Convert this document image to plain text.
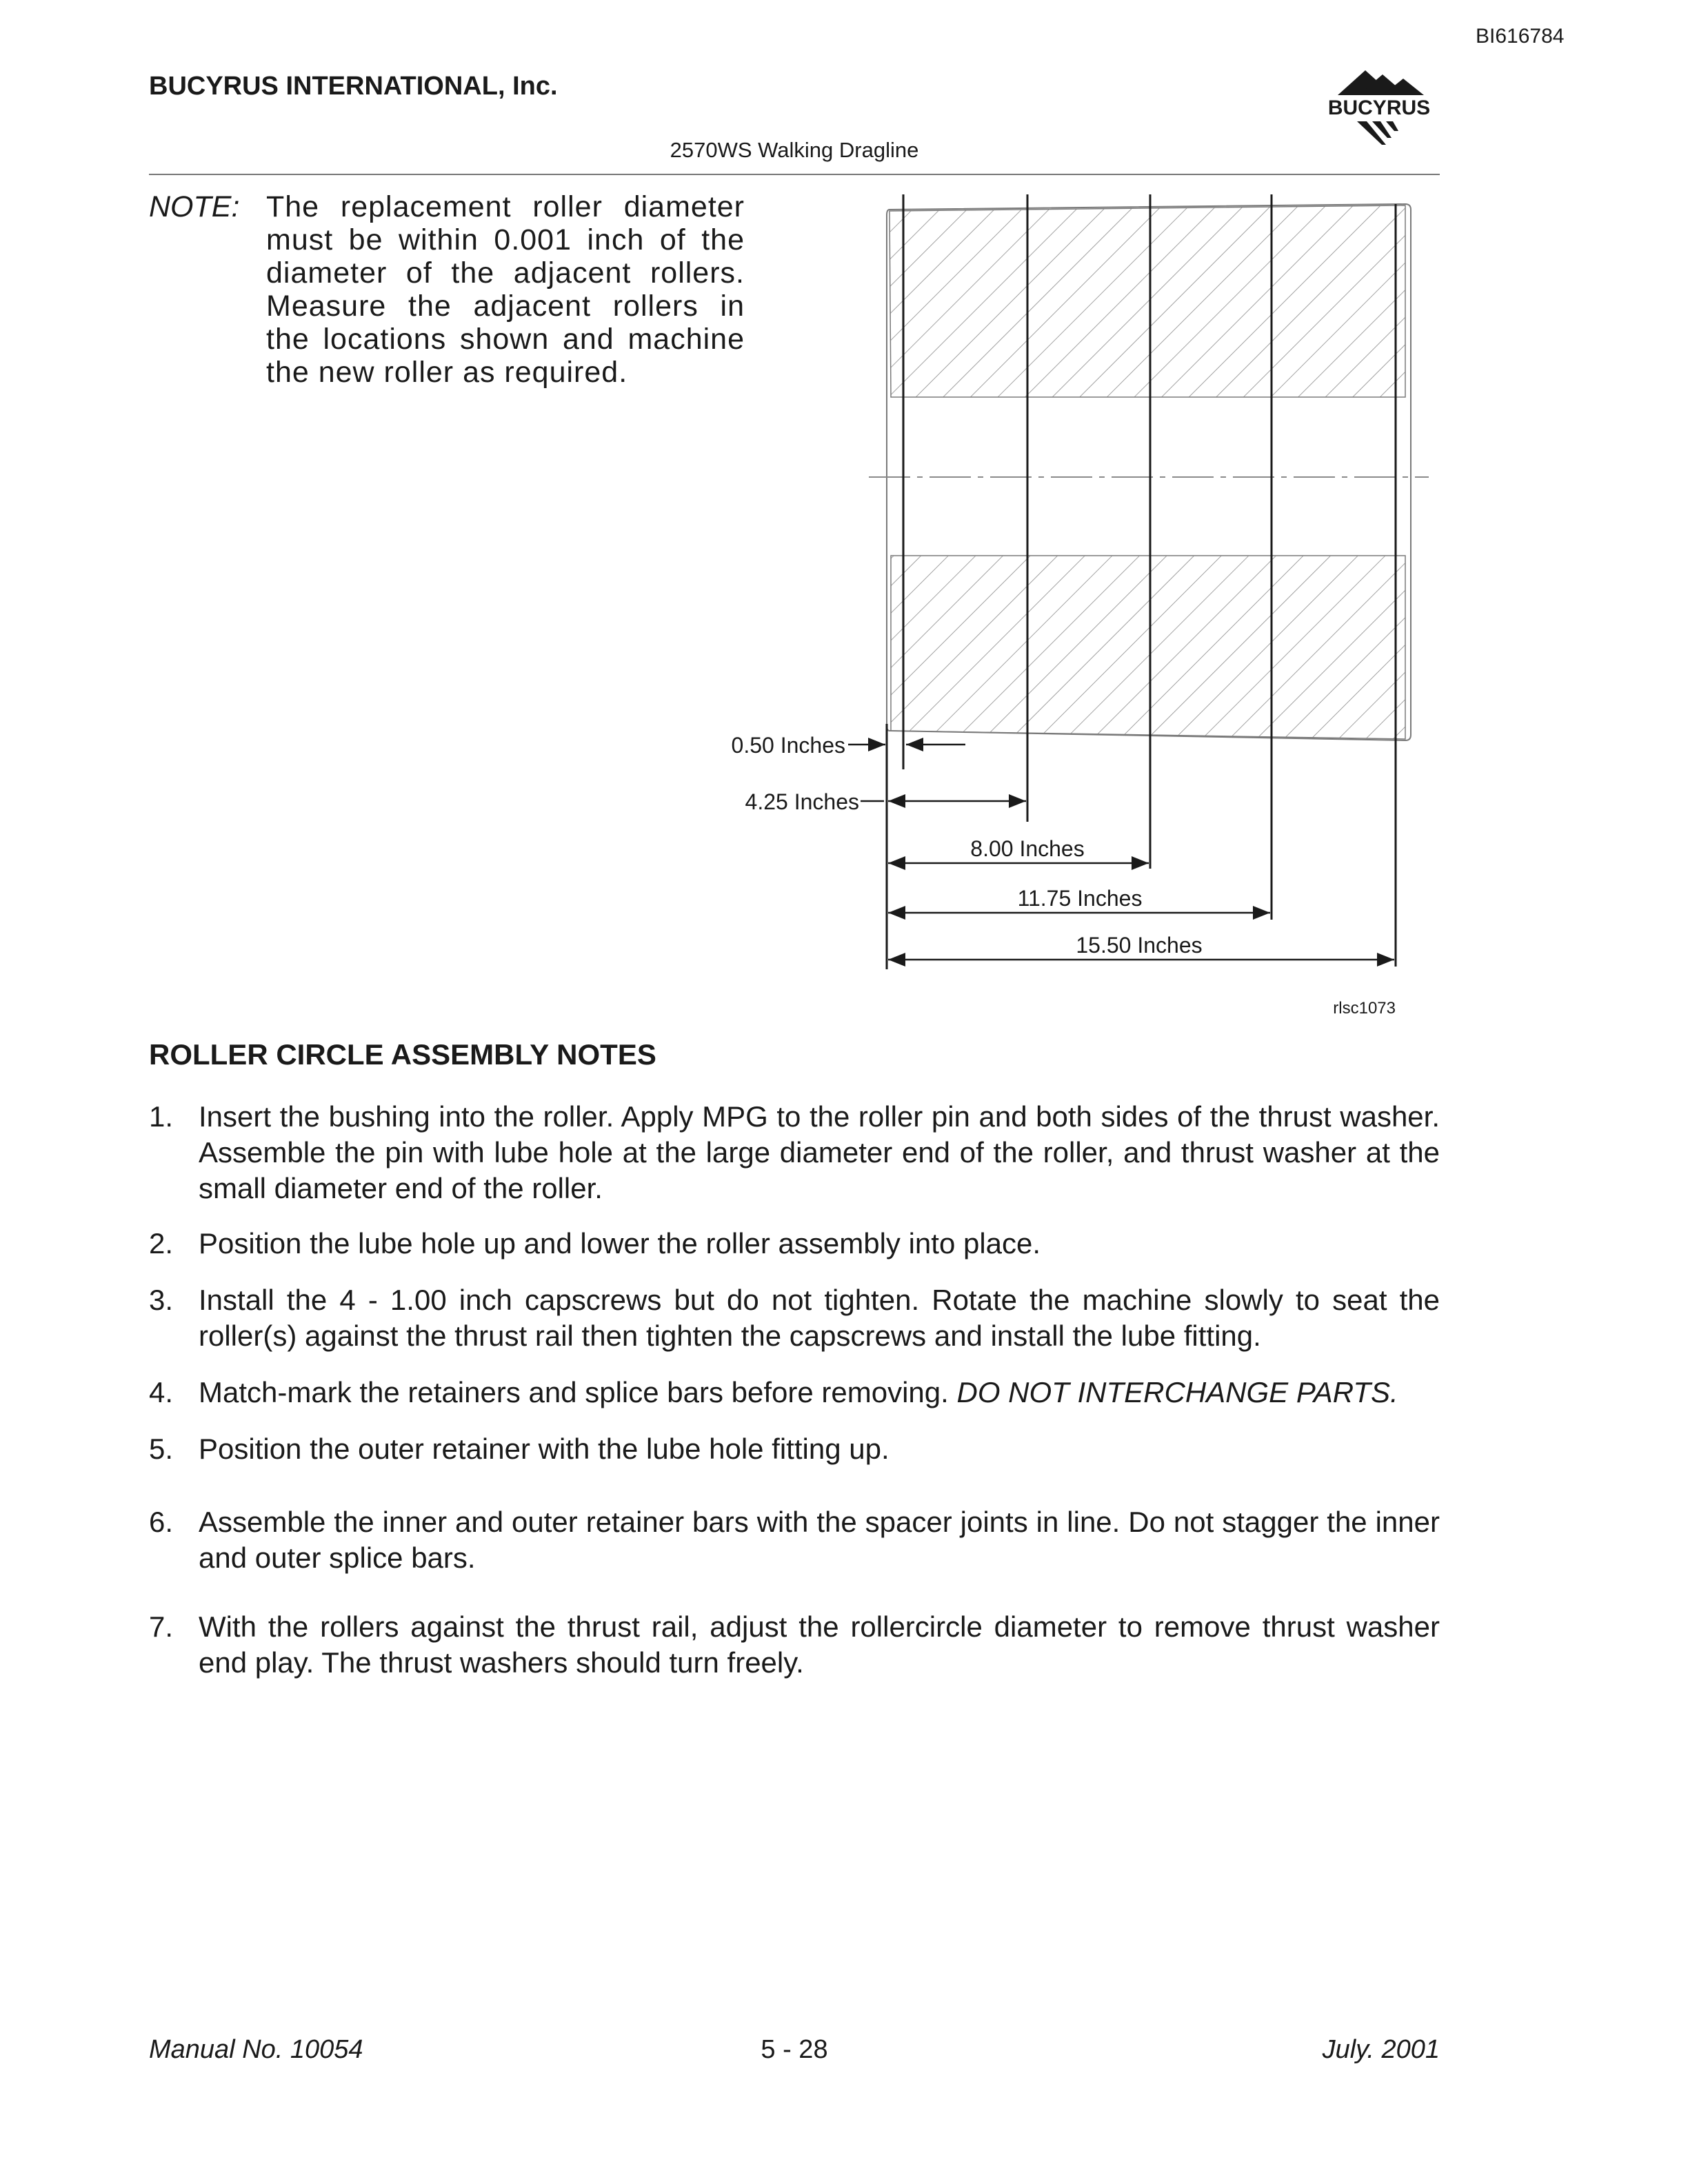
BI616784
BUCYRUS INTERNATIONAL, Inc.
2570WS Walking Dragline
BUCYRUS
NOTE: The replacement roller diameter must be within 0.001 inch of the diameter of the adjacent rollers. Measure the adjacent rollers in the locations shown and machine the new roller as required.
0.50 Inches
4.25 Inches
8.00 Inches
11.75 Inches
15.50 Inches
rlsc1073
ROLLER CIRCLE ASSEMBLY NOTES
1. Insert the bushing into the roller. Apply MPG to the roller pin and both sides of the thrust washer. Assemble the pin with lube hole at the large diameter end of the roller, and thrust washer at the small diameter end of the roller.
2. Position the lube hole up and lower the roller assembly into place.
3. Install the 4 - 1.00 inch capscrews but do not tighten. Rotate the machine slowly to seat the roller(s) against the thrust rail then tighten the capscrews and install the lube fitting.
4. Match-mark the retainers and splice bars before removing. DO NOT INTERCHANGE PARTS.
5. Position the outer retainer with the lube hole fitting up.
6. Assemble the inner and outer retainer bars with the spacer joints in line. Do not stagger the inner and outer splice bars.
7. With the rollers against the thrust rail, adjust the rollercircle diameter to remove thrust washer end play. The thrust washers should turn freely.
Manual No. 10054	5 - 28	July. 2001
